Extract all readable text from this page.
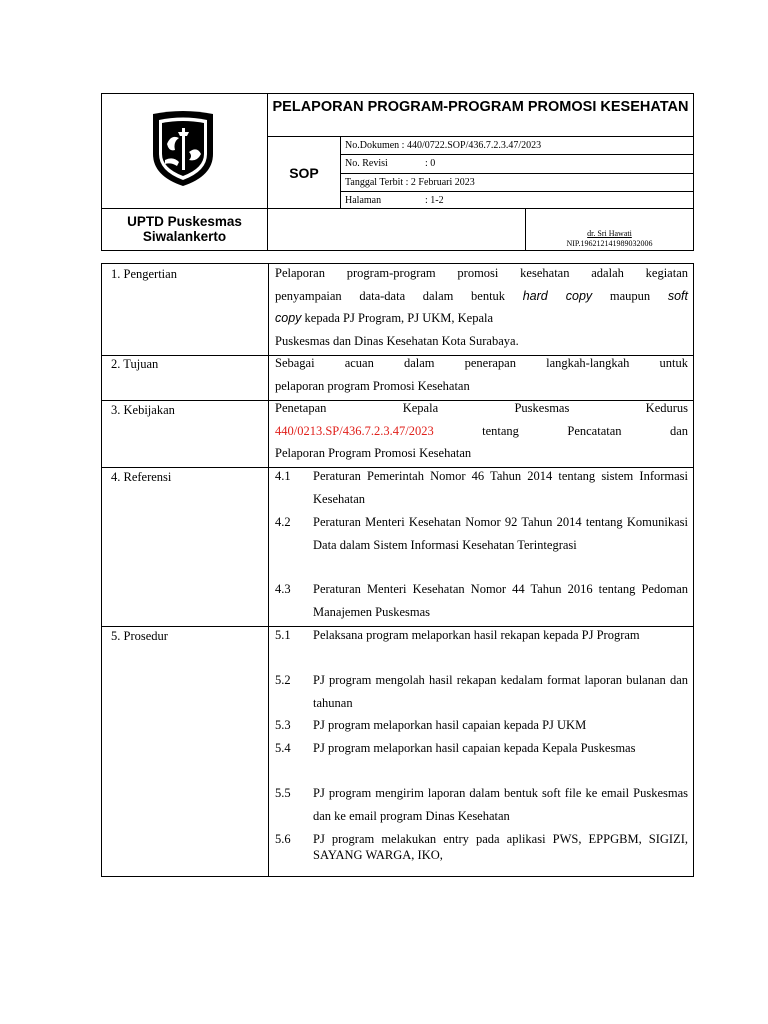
PELAPORAN PROGRAM-PROGRAM PROMOSI KESEHATAN
SOP
No.Dokumen : 440/0722.SOP/436.7.2.3.47/2023
No. Revisi	: 0
Tanggal Terbit : 2 Februari 2023
Halaman	: 1-2
UPTD Puskesmas
Siwalankerto	dr. Sri Hawati
NIP.196212141989032006
1. Pengertian	Pelaporan program-program promosi kesehatan adalah kegiatan
penyampaian data-data dalam bentuk hard copy maupun soft
copy kepada PJ Program, PJ UKM, Kepala
Puskesmas dan Dinas Kesehatan Kota Surabaya.
2. Tujuan	Sebagai acuan dalam penerapan langkah-langkah untuk
pelaporan program Promosi Kesehatan
3. Kebijakan	Penetapan	Kepala	Puskesmas Kedurus
440/0213.SP/436.7.2.3.47/2023	tentang	Pencatatan	dan
Pelaporan Program Promosi Kesehatan
4. Referensi	4.1	Peraturan Pemerintah Nomor 46 Tahun 2014 tentang sistem Informasi Kesehatan
4.2	Peraturan Menteri Kesehatan Nomor 92 Tahun 2014 tentang Komunikasi Data dalam Sistem Informasi Kesehatan Terintegrasi
4.3	Peraturan Menteri Kesehatan Nomor 44 Tahun 2016 tentang Pedoman Manajemen Puskesmas
5. Prosedur	5.1	Pelaksana program melaporkan hasil rekapan kepada PJ Program
5.2	PJ program mengolah hasil rekapan kedalam format laporan bulanan dan tahunan
5.3	PJ program melaporkan hasil capaian kepada PJ UKM
5.4	PJ program melaporkan hasil capaian kepada Kepala Puskesmas
5.5	PJ program mengirim laporan dalam bentuk soft file ke email Puskesmas dan ke email program Dinas Kesehatan
5.6	PJ program melakukan entry pada aplikasi PWS, EPPGBM, SIGIZI, SAYANG WARGA, IKO,
